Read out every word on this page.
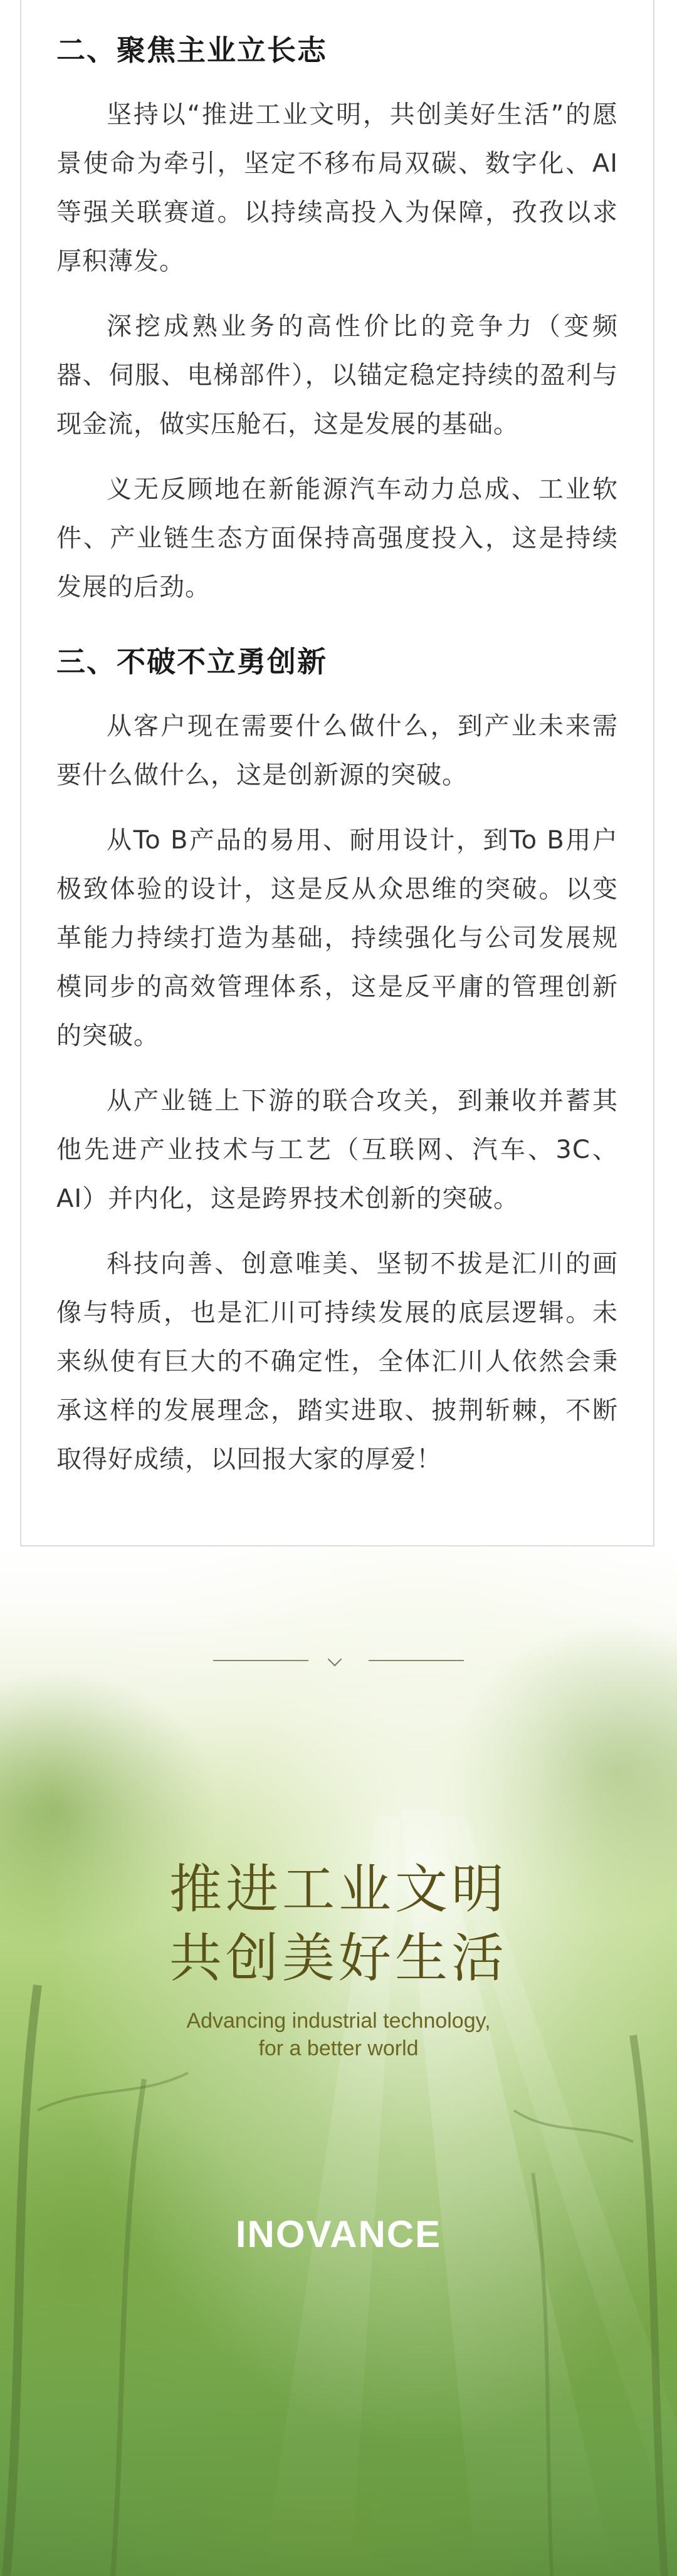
二、聚焦主业立长志

坚持以“推进工业文明，共创美好生活”的愿景使命为牵引，坚定不移布局双碳、数字化、AI等强关联赛道。以持续高投入为保障，孜孜以求厚积薄发。

深挖成熟业务的高性价比的竞争力（变频器、伺服、电梯部件），以锚定稳定持续的盈利与现金流，做实压舱石，这是发展的基础。

义无反顾地在新能源汽车动力总成、工业软件、产业链生态方面保持高强度投入，这是持续发展的后劲。

三、不破不立勇创新

从客户现在需要什么做什么，到产业未来需要什么做什么，这是创新源的突破。

从To B产品的易用、耐用设计，到To B用户极致体验的设计，这是反从众思维的突破。以变革能力持续打造为基础，持续强化与公司发展规模同步的高效管理体系，这是反平庸的管理创新的突破。

从产业链上下游的联合攻关，到兼收并蓄其他先进产业技术与工艺（互联网、汽车、3C、AI）并内化，这是跨界技术创新的突破。

科技向善、创意唯美、坚韧不拔是汇川的画像与特质，也是汇川可持续发展的底层逻辑。未来纵使有巨大的不确定性，全体汇川人依然会秉承这样的发展理念，踏实进取、披荆斩棘，不断取得好成绩，以回报大家的厚爱！

推进工业文明
共创美好生活
Advancing industrial technology,
for a better world
INOVANCE
